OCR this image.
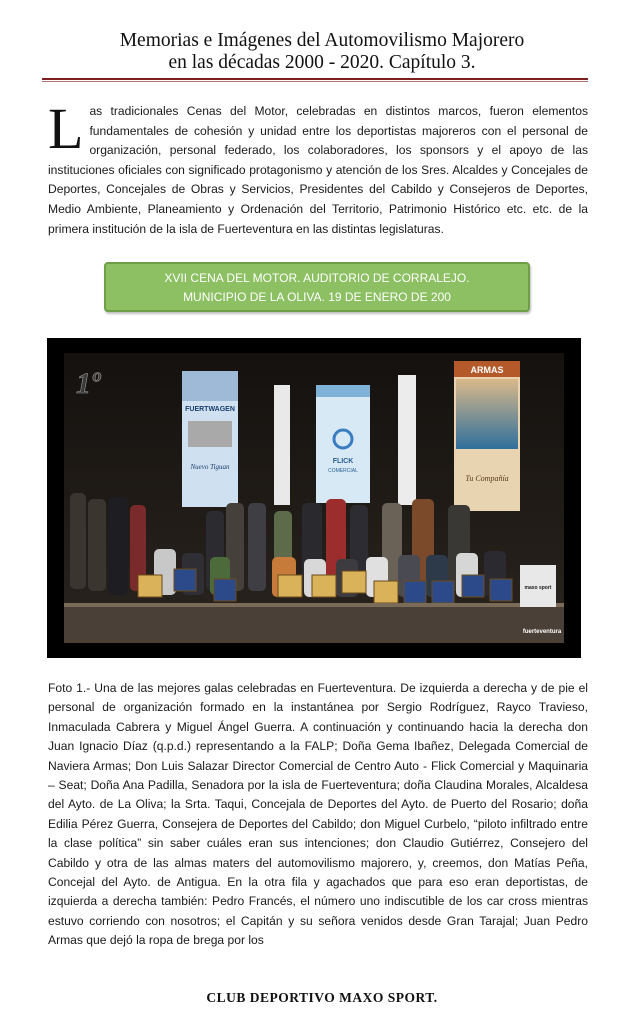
Memorias e Imágenes del Automovilismo Majorero
en las décadas 2000 - 2020. Capítulo 3.
Las tradicionales Cenas del Motor, celebradas en distintos marcos, fueron elementos fundamentales de cohesión y unidad entre los deportistas majoreros con el personal de organización, personal federado, los colaboradores, los sponsors y el apoyo de las instituciones oficiales con significado protagonismo y atención de los Sres. Alcaldes y Concejales de Deportes, Concejales de Obras y Servicios, Presidentes del Cabildo y Consejeros de Deportes, Medio Ambiente, Planeamiento y Ordenación del Territorio, Patrimonio Histórico etc. etc. de la primera institución de la isla de Fuerteventura en las distintas legislaturas.
XVII CENA DEL MOTOR. AUDITORIO DE CORRALEJO.
MUNICIPIO DE LA OLIVA. 19 DE ENERO DE 200
1º
FUERTWAGEN
Nuevo Tiguan
FLICK
COMERCIAL
ARMAS
Tu Compañía
maxo sport
fuerteventura
Foto 1.- Una de las mejores galas celebradas en Fuerteventura. De izquierda a derecha y de pie el personal de organización formado en la instantánea por Sergio Rodríguez, Rayco Travieso, Inmaculada Cabrera y Miguel Ángel Guerra. A continuación y continuando hacia la derecha don Juan Ignacio Díaz (q.p.d.) representando a la FALP; Doña Gema Ibañez, Delegada Comercial de Naviera Armas; Don Luis Salazar Director Comercial de Centro Auto - Flick Comercial y Maquinaria – Seat; Doña Ana Padilla, Senadora por la isla de Fuerteventura; doña Claudina Morales, Alcaldesa del Ayto. de La Oliva; la Srta. Taqui, Concejala de Deportes del Ayto. de Puerto del Rosario; doña Edilia Pérez Guerra, Consejera de Deportes del Cabildo; don Miguel Curbelo, “piloto infiltrado entre la clase política” sin saber cuáles eran sus intenciones; don Claudio Gutiérrez, Consejero del Cabildo y otra de las almas maters del automovilismo majorero, y, creemos, don Matías Peña, Concejal del Ayto. de Antigua. En la otra fila y agachados que para eso eran deportistas, de izquierda a derecha también: Pedro Francés, el número uno indiscutible de los car cross mientras estuvo corriendo con nosotros; el Capitán y su señora venidos desde Gran Tarajal; Juan Pedro Armas que dejó la ropa de brega por los
CLUB DEPORTIVO MAXO SPORT.
